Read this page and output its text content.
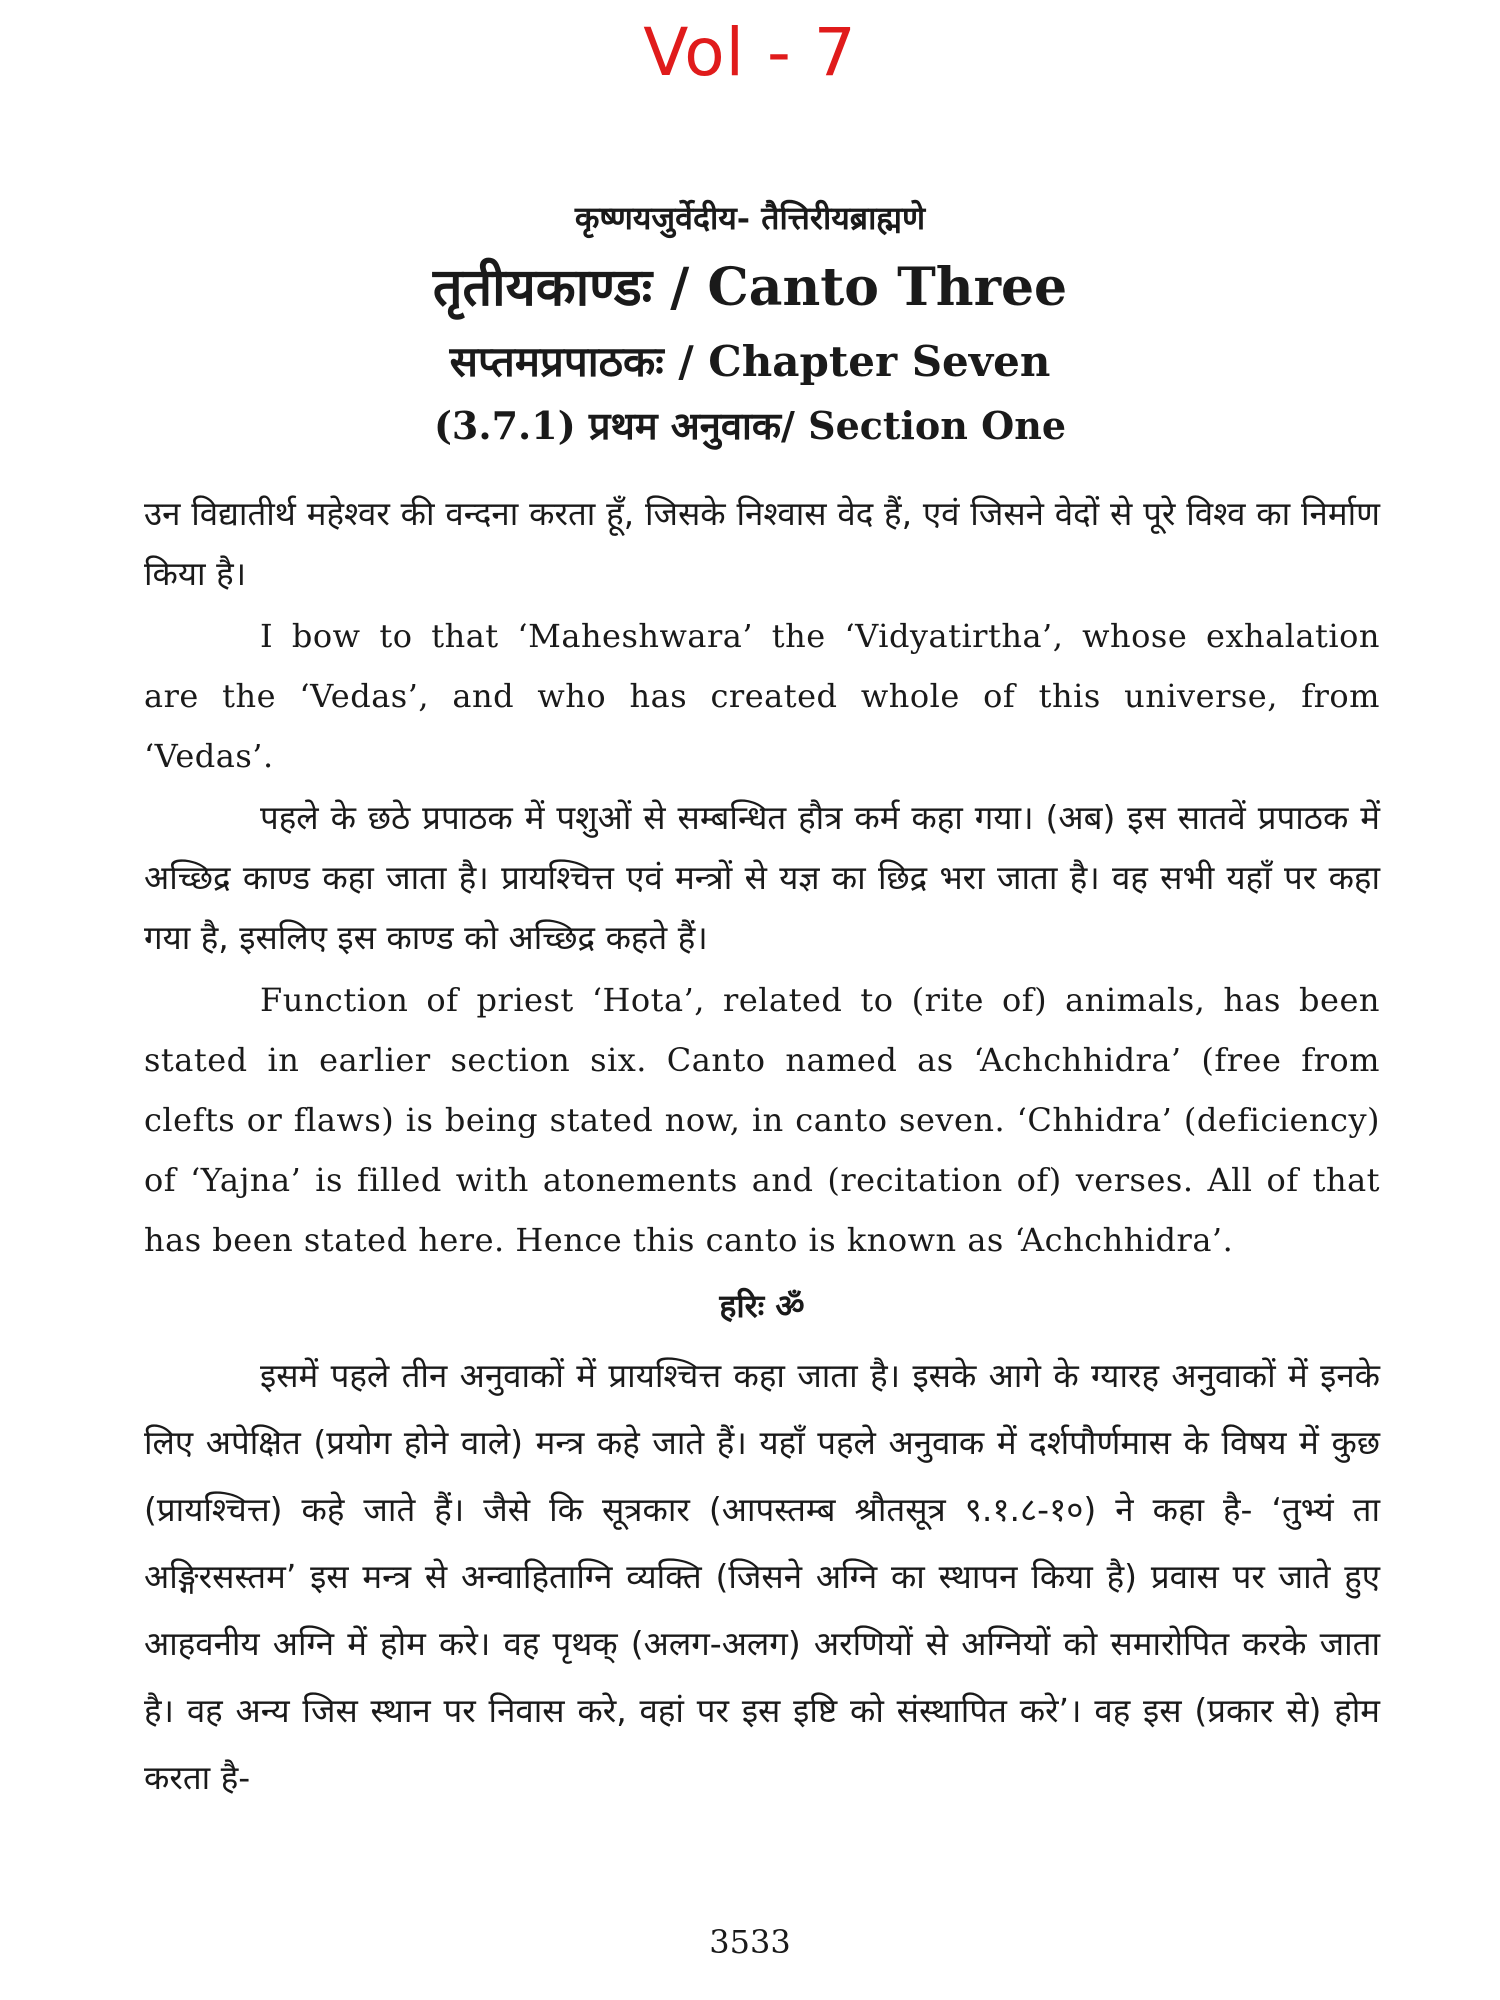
Vol - 7

कृष्णयजुर्वेदीय- तैत्तिरीयब्राह्मणे

तृतीयकाण्डः / Canto Three

सप्तमप्रपाठकः / Chapter Seven

(3.7.1) प्रथम अनुवाक/ Section One

उन विद्यातीर्थ महेश्वर की वन्दना करता हूँ, जिसके निश्वास वेद हैं, एवं जिसने वेदों से पूरे विश्व का निर्माण किया है।

I bow to that ‘Maheshwara’ the ‘Vidyatirtha’, whose exhalation are the ‘Vedas’, and who has created whole of this universe, from ‘Vedas’.

पहले के छठे प्रपाठक में पशुओं से सम्बन्धित हौत्र कर्म कहा गया। (अब) इस सातवें प्रपाठक में अच्छिद्र काण्ड कहा जाता है। प्रायश्चित्त एवं मन्त्रों से यज्ञ का छिद्र भरा जाता है। वह सभी यहाँ पर कहा गया है, इसलिए इस काण्ड को अच्छिद्र कहते हैं।

Function of priest ‘Hota’, related to (rite of) animals, has been stated in earlier section six. Canto named as ‘Achchhidra’ (free from clefts or flaws) is being stated now, in canto seven. ‘Chhidra’ (deficiency) of ‘Yajna’ is filled with atonements and (recitation of) verses. All of that has been stated here. Hence this canto is known as ‘Achchhidra’.

हरिः ॐ

इसमें पहले तीन अनुवाकों में प्रायश्चित्त कहा जाता है। इसके आगे के ग्यारह अनुवाकों में इनके लिए अपेक्षित (प्रयोग होने वाले) मन्त्र कहे जाते हैं। यहाँ पहले अनुवाक में दर्शपौर्णमास के विषय में कुछ (प्रायश्चित्त) कहे जाते हैं। जैसे कि सूत्रकार (आपस्तम्ब श्रौतसूत्र ९.१.८-१०) ने कहा है- ‘तुभ्यं ता अङ्गिरसस्तम’ इस मन्त्र से अन्वाहिताग्नि व्यक्ति (जिसने अग्नि का स्थापन किया है) प्रवास पर जाते हुए आहवनीय अग्नि में होम करे। वह पृथक् (अलग-अलग) अरणियों से अग्नियों को समारोपित करके जाता है। वह अन्य जिस स्थान पर निवास करे, वहां पर इस इष्टि को संस्थापित करे’। वह इस (प्रकार से) होम करता है-

3533
